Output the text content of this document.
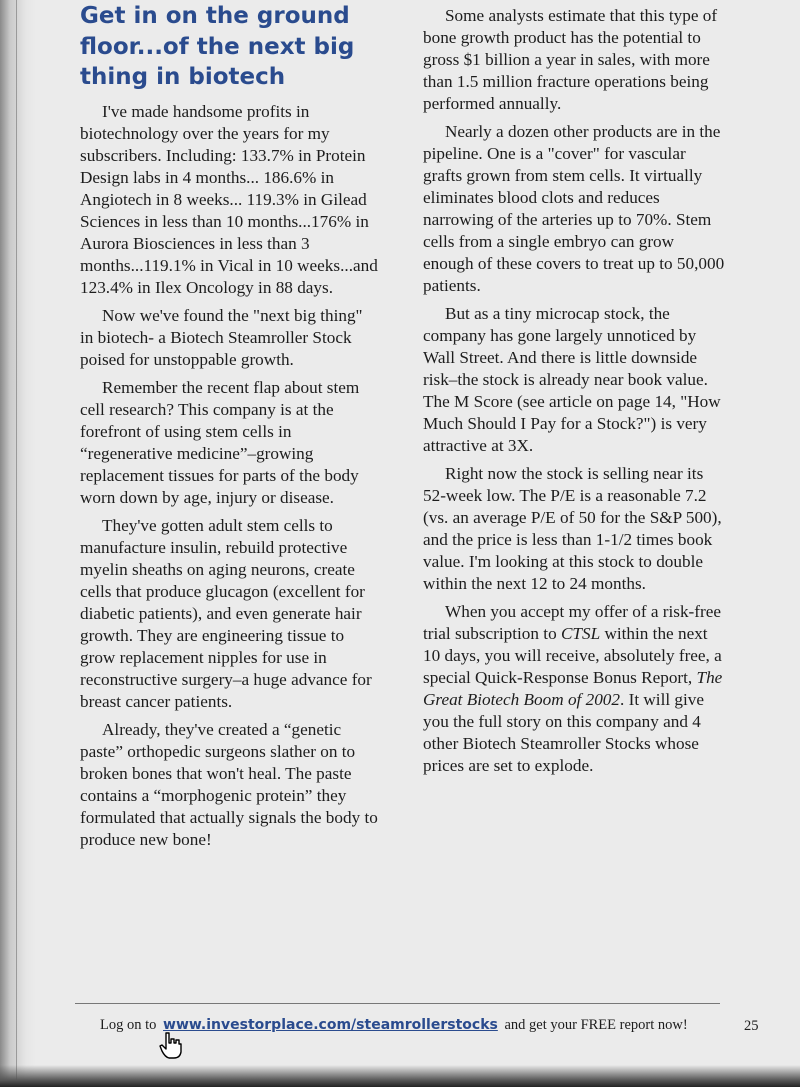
Get in on the ground floor...of the next big thing in biotech

I've made handsome profits in biotechnology over the years for my subscribers. Including: 133.7% in Protein Design labs in 4 months... 186.6% in Angiotech in 8 weeks... 119.3% in Gilead Sciences in less than 10 months...176% in Aurora Biosciences in less than 3 months...119.1% in Vical in 10 weeks...and 123.4% in Ilex Oncology in 88 days.

Now we've found the "next big thing" in biotech- a Biotech Steamroller Stock poised for unstoppable growth.

Remember the recent flap about stem cell research? This company is at the forefront of using stem cells in “regenerative medicine”–growing replacement tissues for parts of the body worn down by age, injury or disease.

They've gotten adult stem cells to manufacture insulin, rebuild protective myelin sheaths on aging neurons, create cells that produce glucagon (excellent for diabetic patients), and even generate hair growth. They are engineering tissue to grow replacement nipples for use in reconstructive surgery–a huge advance for breast cancer patients.

Already, they've created a “genetic paste” orthopedic surgeons slather on to broken bones that won't heal. The paste contains a “morphogenic protein” they formulated that actually signals the body to produce new bone!

Some analysts estimate that this type of bone growth product has the potential to gross $1 billion a year in sales, with more than 1.5 million fracture operations being performed annually.

Nearly a dozen other products are in the pipeline. One is a "cover" for vascular grafts grown from stem cells. It virtually eliminates blood clots and reduces narrowing of the arteries up to 70%. Stem cells from a single embryo can grow enough of these covers to treat up to 50,000 patients.

But as a tiny microcap stock, the company has gone largely unnoticed by Wall Street. And there is little downside risk–the stock is already near book value. The M Score (see article on page 14, "How Much Should I Pay for a Stock?") is very attractive at 3X.

Right now the stock is selling near its 52-week low. The P/E is a reasonable 7.2 (vs. an average P/E of 50 for the S&P 500), and the price is less than 1-1/2 times book value. I'm looking at this stock to double within the next 12 to 24 months.

When you accept my offer of a risk-free trial subscription to CTSL within the next 10 days, you will receive, absolutely free, a special Quick-Response Bonus Report, The Great Biotech Boom of 2002. It will give you the full story on this company and 4 other Biotech Steamroller Stocks whose prices are set to explode.

Log on to www.investorplace.com/steamrollerstocks and get your FREE report now!	25
